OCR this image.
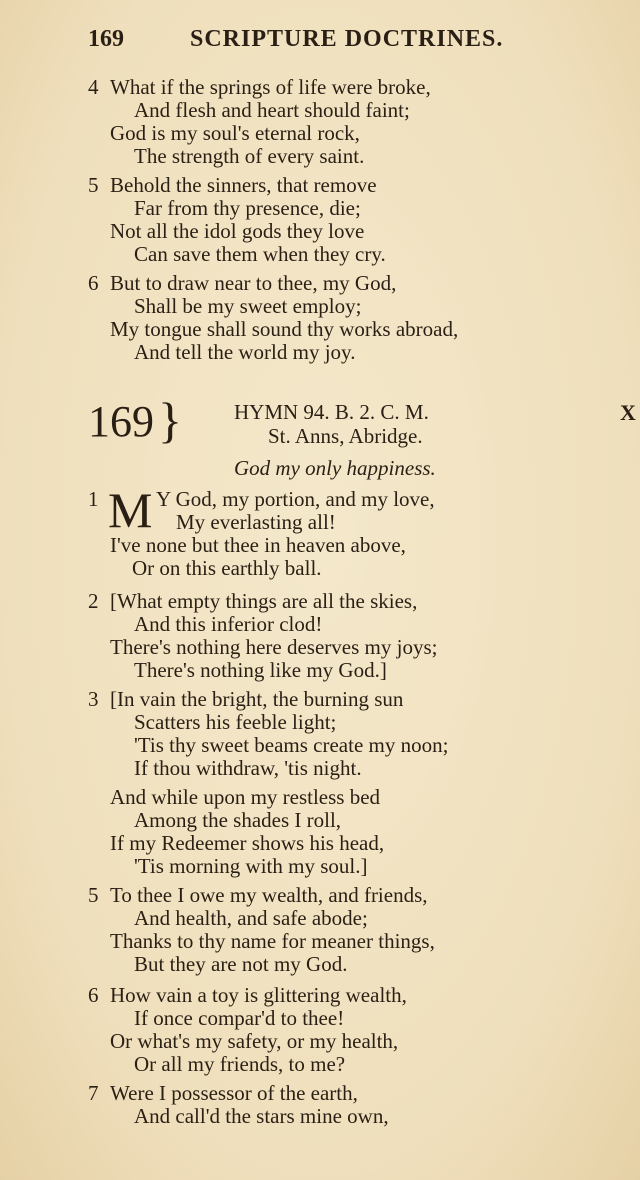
169	SCRIPTURE DOCTRINES.
4 What if the springs of life were broke,
And flesh and heart should faint;
God is my soul's eternal rock,
The strength of every saint.
5 Behold the sinners, that remove
Far from thy presence, die;
Not all the idol gods they love
Can save them when they cry.
6 But to draw near to thee, my God,
Shall be my sweet employ;
My tongue shall sound thy works abroad,
And tell the world my joy.
169 } HYMN 94. B. 2. C. M.
St. Anns, Abridge.
God my only happiness.
X
1	Y God, my portion, and my love,
My everlasting all!
I've none but thee in heaven above,
Or on this earthly ball.
M
2 [What empty things are all the skies,
And this inferior clod!
There's nothing here deserves my joys;
There's nothing like my God.]
3 [In vain the bright, the burning sun
Scatters his feeble light;
'Tis thy sweet beams create my noon;
If thou withdraw, 'tis night.
And while upon my restless bed
Among the shades I roll,
If my Redeemer shows his head,
'Tis morning with my soul.]
5 To thee I owe my wealth, and friends,
And health, and safe abode;
Thanks to thy name for meaner things,
But they are not my God.
6 How vain a toy is glittering wealth,
If once compar'd to thee!
Or what's my safety, or my health,
Or all my friends, to me?
7 Were I possessor of the earth,
And call'd the stars mine own,
